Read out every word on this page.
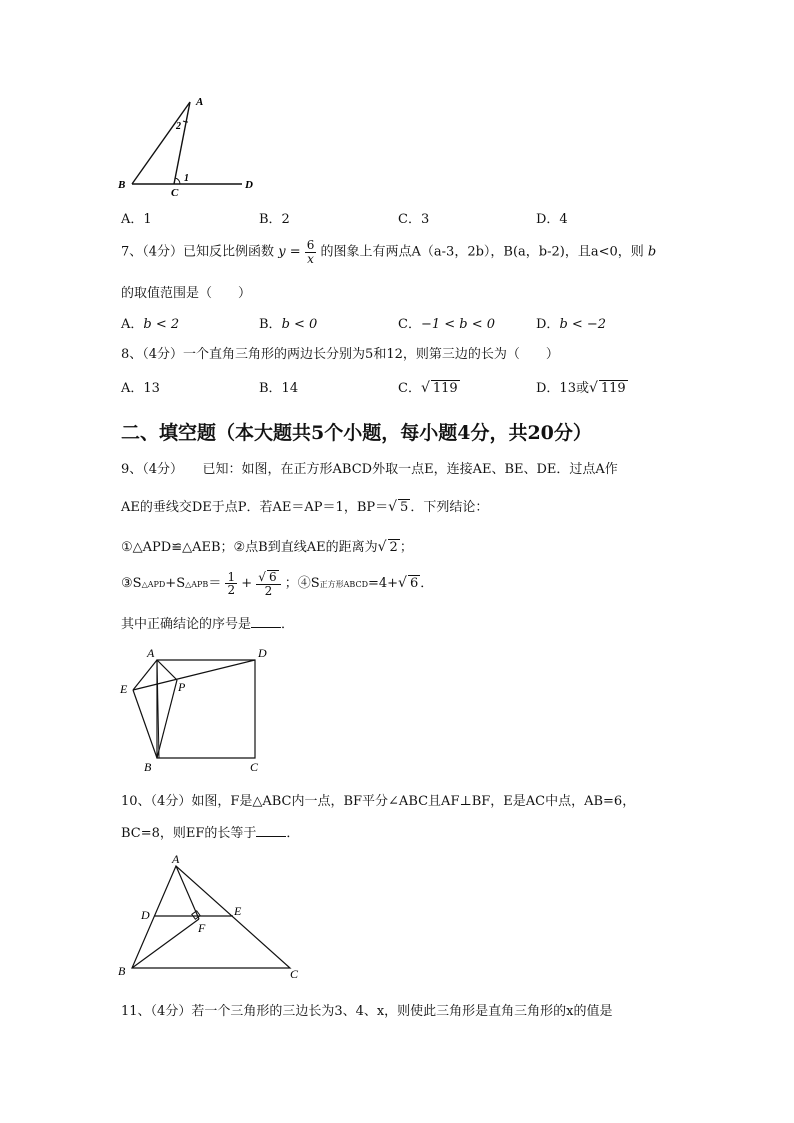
A
B
C
D
1
2
A．1	B．2	C．3	D．4
7、（4分）已知反比例函数 $y = \frac{6}{x}$ 的图象上有两点A（a-3，2b），B(a，b-2)，且a<0，则 b
的取值范围是（　　）
A．b < 2	B．b < 0	C．−1 < b < 0	D．b < −2
8、（4分）一个直角三角形的两边长分别为5和12，则第三边的长为（　　）
A．13	B．14	C．√ 119	D．13或√ 119
二、填空题（本大题共5个小题，每小题4分，共20分）
9、（4分）　　已知：如图，在正方形ABCD外取一点E，连接AE、BE、DE．过点A作
AE的垂线交DE于点P．若AE＝AP＝1，BP＝√ 5 ．下列结论：
①△APD≌△AEB；②点B到直线AE的距离为√ 2 ；
③S△APD+S△APB＝ $\frac{1}{2} + \frac{√ 6}{2}$ ；④S正方形ABCD=4+√ 6 ．
其中正确结论的序号是 ．
A	D
E	P
B	C
10、（4分）如图，F是△ABC内一点，BF平分∠ABC且AF⊥BF，E是AC中点，AB=6，
BC=8，则EF的长等于 ．
A
D	E
F
B	C
11、（4分）若一个三角形的三边长为3、4、x，则使此三角形是直角三角形的x的值是
